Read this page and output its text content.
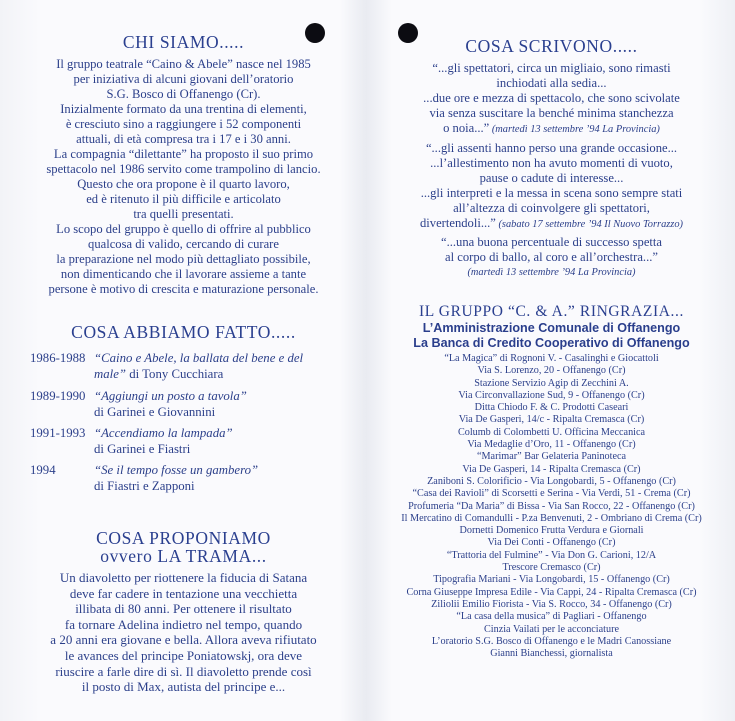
CHI SIAMO.....
Il gruppo teatrale “Caino & Abele” nasce nel 1985
per iniziativa di alcuni giovani dell’oratorio
S.G. Bosco di Offanengo (Cr).
Inizialmente formato da una trentina di elementi,
è cresciuto sino a raggiungere i 52 componenti
attuali, di età compresa tra i 17 e i 30 anni.
La compagnia “dilettante” ha proposto il suo primo
spettacolo nel 1986 servito come trampolino di lancio.
Questo che ora propone è il quarto lavoro,
ed è ritenuto il più difficile e articolato
tra quelli presentati.
Lo scopo del gruppo è quello di offrire al pubblico
qualcosa di valido, cercando di curare
la preparazione nel modo più dettagliato possibile,
non dimenticando che il lavorare assieme a tante
persone è motivo di crescita e maturazione personale.
COSA ABBIAMO FATTO.....
1986-1988 “Caino e Abele, la ballata del bene e del
male” di Tony Cucchiara
1989-1990 “Aggiungi un posto a tavola”
di Garinei e Giovannini
1991-1993 “Accendiamo la lampada”
di Garinei e Fiastri
1994	“Se il tempo fosse un gambero”
di Fiastri e Zapponi
COSA PROPONIAMO
ovvero LA TRAMA...
Un diavoletto per riottenere la fiducia di Satana
deve far cadere in tentazione una vecchietta
illibata di 80 anni. Per ottenere il risultato
fa tornare Adelina indietro nel tempo, quando
a 20 anni era giovane e bella. Allora aveva rifiutato
le avances del principe Poniatowskj, ora deve
riuscire a farle dire di sì. Il diavoletto prende così
il posto di Max, autista del principe e...
COSA SCRIVONO.....
“...gli spettatori, circa un migliaio, sono rimasti
inchiodati alla sedia...
...due ore e mezza di spettacolo, che sono scivolate
via senza suscitare la benché minima stanchezza
o noia...” (martedì 13 settembre ’94 La Provincia)
“...gli assenti hanno perso una grande occasione...
...l’allestimento non ha avuto momenti di vuoto,
pause o cadute di interesse...
...gli interpreti e la messa in scena sono sempre stati
all’altezza di coinvolgere gli spettatori,
divertendoli...” (sabato 17 settembre ’94 Il Nuovo Torrazzo)
“...una buona percentuale di successo spetta
al corpo di ballo, al coro e all’orchestra...”
(martedì 13 settembre ’94 La Provincia)
IL GRUPPO “C. & A.” RINGRAZIA...
L’Amministrazione Comunale di Offanengo
La Banca di Credito Cooperativo di Offanengo
“La Magica” di Rognoni V. - Casalinghi e Giocattoli
Via S. Lorenzo, 20 - Offanengo (Cr)
Stazione Servizio Agip di Zecchini A.
Via Circonvallazione Sud, 9 - Offanengo (Cr)
Ditta Chiodo F. & C. Prodotti Caseari
Via De Gasperi, 14/c - Ripalta Cremasca (Cr)
Columb di Colombetti U. Officina Meccanica
Via Medaglie d’Oro, 11 - Offanengo (Cr)
“Marimar” Bar Gelateria Paninoteca
Via De Gasperi, 14 - Ripalta Cremasca (Cr)
Zaniboni S. Colorificio - Via Longobardi, 5 - Offanengo (Cr)
“Casa dei Ravioli” di Scorsetti e Serina - Via Verdi, 51 - Crema (Cr)
Profumeria “Da Maria” di Bissa - Via San Rocco, 22 - Offanengo (Cr)
Il Mercatino di Comandulli - P.za Benvenuti, 2 - Ombriano di Crema (Cr)
Dornetti Domenico Frutta Verdura e Giornali
Via Dei Conti - Offanengo (Cr)
“Trattoria del Fulmine” - Via Don G. Carioni, 12/A
Trescore Cremasco (Cr)
Tipografia Mariani - Via Longobardi, 15 - Offanengo (Cr)
Corna Giuseppe Impresa Edile - Via Cappi, 24 - Ripalta Cremasca (Cr)
Ziliolii Emilio Fiorista - Via S. Rocco, 34 - Offanengo (Cr)
“La casa della musica” di Pagliari - Offanengo
Cinzia Vailati per le acconciature
L’oratorio S.G. Bosco di Offanengo e le Madri Canossiane
Gianni Bianchessi, giornalista
